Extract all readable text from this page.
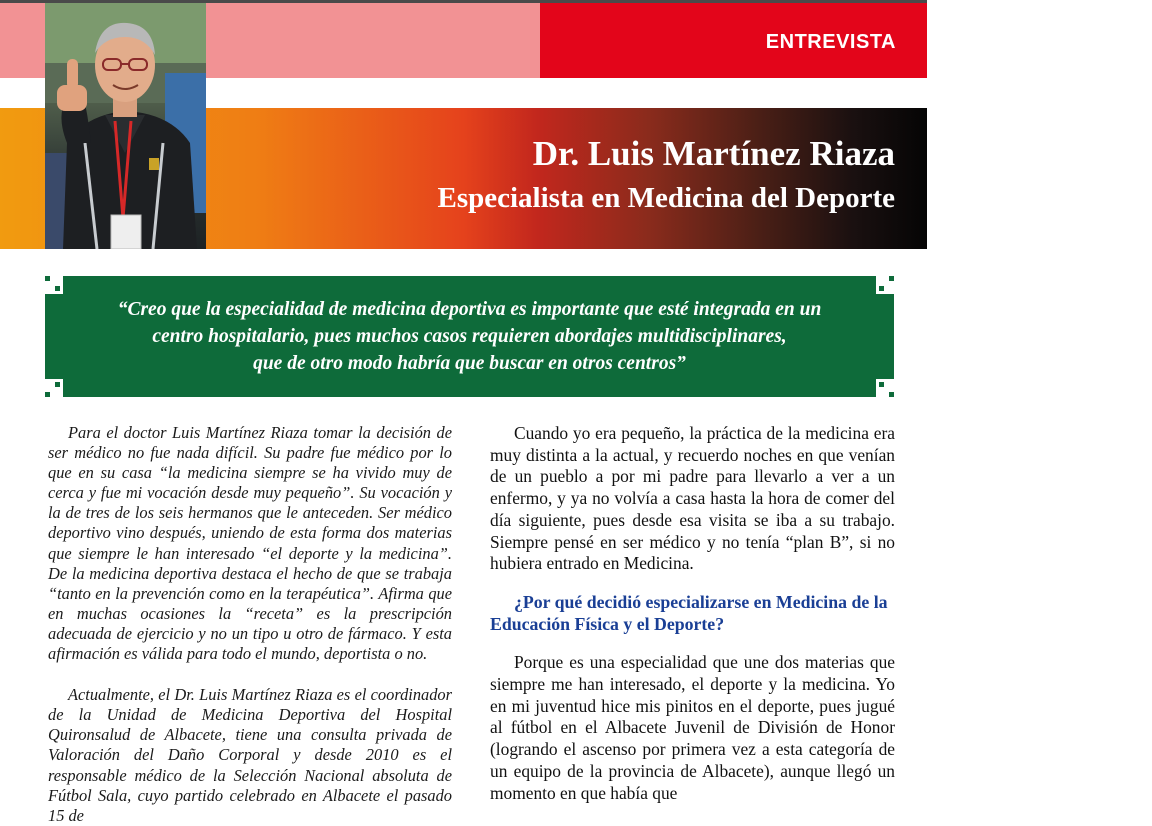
ENTREVISTA
Dr. Luis Martínez Riaza
Especialista en Medicina del Deporte
“Creo que la especialidad de medicina deportiva es importante que esté integrada en un
centro hospitalario, pues muchos casos requieren abordajes multidisciplinares,
que de otro modo habría que buscar en otros centros”

Para el doctor Luis Martínez Riaza tomar la decisión de ser médico no fue nada difícil. Su padre fue médico por lo que en su casa “la medicina siempre se ha vivido muy de cerca y fue mi vocación desde muy pequeño”. Su vocación y la de tres de los seis hermanos que le anteceden. Ser médico deportivo vino después, uniendo de esta forma dos materias que siempre le han interesado “el deporte y la medicina”. De la medicina deportiva destaca el hecho de que se trabaja “tanto en la prevención como en la terapéutica”. Afirma que en muchas ocasiones la “receta” es la prescripción adecuada de ejercicio y no un tipo u otro de fármaco. Y esta afirmación es válida para todo el mundo, deportista o no.

Actualmente, el Dr. Luis Martínez Riaza es el coordinador de la Unidad de Medicina Deportiva del Hospital Quironsalud de Albacete, tiene una consulta privada de Valoración del Daño Corporal y desde 2010 es el responsable médico de la Selección Nacional absoluta de Fútbol Sala, cuyo partido celebrado en Albacete el pasado 15 de

Cuando yo era pequeño, la práctica de la medicina era muy distinta a la actual, y recuerdo noches en que venían de un pueblo a por mi padre para llevarlo a ver a un enfermo, y ya no volvía a casa hasta la hora de comer del día siguiente, pues desde esa visita se iba a su trabajo. Siempre pensé en ser médico y no tenía “plan B”, si no hubiera entrado en Medicina.

¿Por qué decidió especializarse en Medicina de la Educación Física y el Deporte?

Porque es una especialidad que une dos materias que siempre me han interesado, el deporte y la medicina. Yo en mi juventud hice mis pinitos en el deporte, pues jugué al fútbol en el Albacete Juvenil de División de Honor (logrando el ascenso por primera vez a esta categoría de un equipo de la provincia de Albacete), aunque llegó un momento en que había que
